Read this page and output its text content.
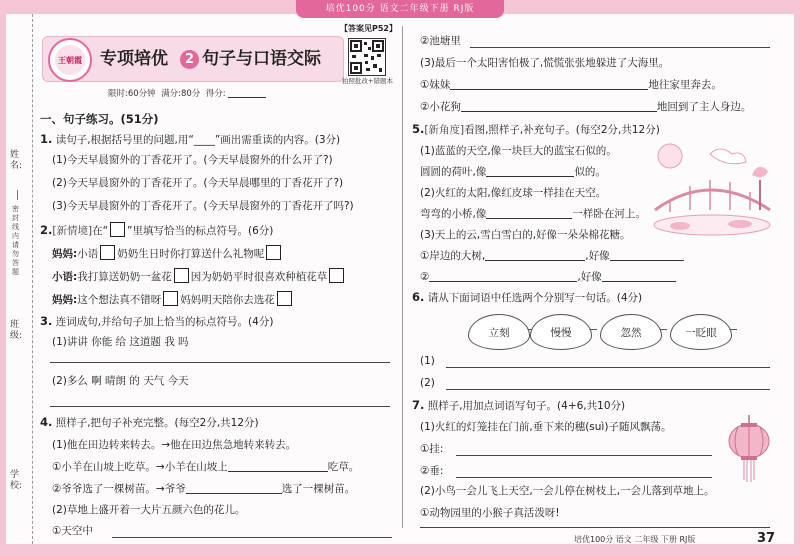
培优100分 语文二年级下册 RJ版
姓名:
密封线内请勿答题
班级:
学校:
王朝霞 专项培优 2 句子与口语交际
【答案见P52】
拍照批改+错题本
限时:60分钟 满分:80分 得分:
一、句子练习。(51分)
1. 读句子,根据括号里的问题,用“____”画出需重读的内容。(3分)
(1)今天早晨窗外的丁香花开了。(今天早晨窗外的什么开了?)
(2)今天早晨窗外的丁香花开了。(今天早晨哪里的丁香花开了?)
(3)今天早晨窗外的丁香花开了。(今天早晨窗外的丁香花开了吗?)
2.[新情境]在“ ”里填写恰当的标点符号。(6分)
妈妈:小语 奶奶生日时你打算送什么礼物呢
小语:我打算送奶奶一盆花 因为奶奶平时很喜欢种植花草
妈妈:这个想法真不错呀 妈妈明天陪你去选花
3. 连词成句,并给句子加上恰当的标点符号。(4分)
(1)讲讲 你能 给 这道题 我 吗
(2)多么 啊 晴朗 的 天气 今天
4. 照样子,把句子补充完整。(每空2分,共12分)
(1)他在田边转来转去。→他在田边焦急地转来转去。
①小羊在山坡上吃草。→小羊在山坡上	吃草。
②爷爷选了一棵树苗。→爷爷	选了一棵树苗。
(2)草地上盛开着一大片五颜六色的花儿。
①天空中
②池塘里
(3)最后一个太阳害怕极了,慌慌张张地躲进了大海里。
①妹妹	地往家里奔去。
②小花狗	地回到了主人身边。
5.[新角度]看图,照样子,补充句子。(每空2分,共12分)
(1)蓝蓝的天空,像一块巨大的蓝宝石似的。
圆圆的荷叶,像	似的。
(2)火红的太阳,像红皮球一样挂在天空。
弯弯的小桥,像	一样卧在河上。
(3)天上的云,雪白雪白的,好像一朵朵棉花糖。
①岸边的大树,	,好像
②	,好像
6. 请从下面词语中任选两个分别写一句话。(4分)
立刻	慢慢	忽然	一眨眼
(1)
(2)
7. 照样子,用加点词语写句子。(4+6,共10分)
(1)火红的灯笼挂在门前,垂下来的穗(suì)子随风飘荡。
①挂:
②垂:
(2)小鸟一会儿飞上天空,一会儿停在树枝上,一会儿落到草地上。
①动物园里的小猴子真活泼呀!
培优100分 语文 二年级 下册 RJ版	37
